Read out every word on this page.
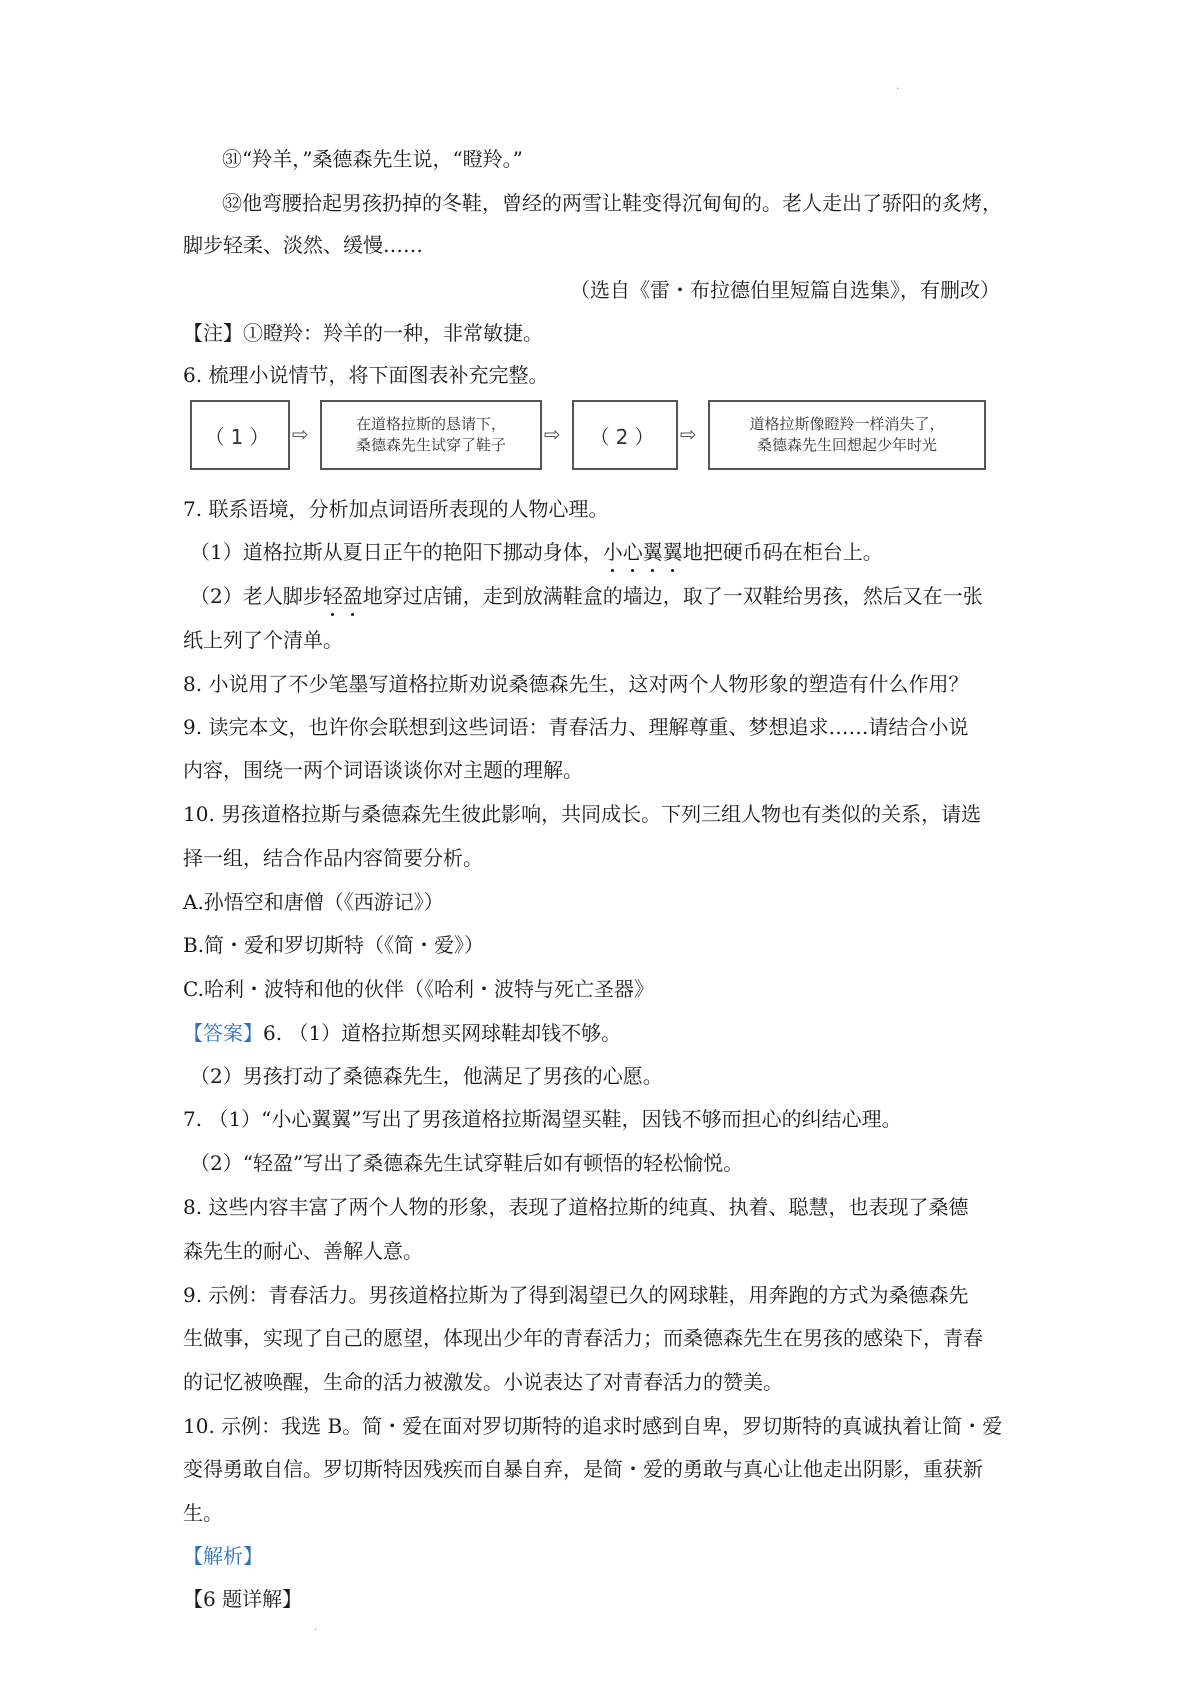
·
㉛“羚羊，”桑德森先生说，“瞪羚。”
㉜他弯腰拾起男孩扔掉的冬鞋，曾经的两雪让鞋变得沉甸甸的。老人走出了骄阳的炙烤，
脚步轻柔、淡然、缓慢……
（选自《雷・布拉德伯里短篇自选集》，有删改）
【注】①瞪羚：羚羊的一种，非常敏捷。
6. 梳理小说情节，将下面图表补充完整。
（1） ⇨	在道格拉斯的恳请下，
桑德森先生试穿了鞋子 ⇨	（2） ⇨	道格拉斯像瞪羚一样消失了，
桑德森先生回想起少年时光
7. 联系语境，分析加点词语所表现的人物心理。
（1）道格拉斯从夏日正午的艳阳下挪动身体，小心翼翼地把硬币码在柜台上。
（2）老人脚步轻盈地穿过店铺，走到放满鞋盒的墙边，取了一双鞋给男孩，然后又在一张
纸上列了个清单。
8. 小说用了不少笔墨写道格拉斯劝说桑德森先生，这对两个人物形象的塑造有什么作用？
9. 读完本文，也许你会联想到这些词语：青春活力、理解尊重、梦想追求……请结合小说
内容，围绕一两个词语谈谈你对主题的理解。
10. 男孩道格拉斯与桑德森先生彼此影响，共同成长。下列三组人物也有类似的关系，请选
择一组，结合作品内容简要分析。
A.孙悟空和唐僧（《西游记》）
B.简・爱和罗切斯特（《简・爱》）
C.哈利・波特和他的伙伴（《哈利・波特与死亡圣器》
【答案】6. （1）道格拉斯想买网球鞋却钱不够。
（2）男孩打动了桑德森先生，他满足了男孩的心愿。
7. （1）“小心翼翼”写出了男孩道格拉斯渴望买鞋，因钱不够而担心的纠结心理。
（2）“轻盈”写出了桑德森先生试穿鞋后如有顿悟的轻松愉悦。
8. 这些内容丰富了两个人物的形象，表现了道格拉斯的纯真、执着、聪慧，也表现了桑德
森先生的耐心、善解人意。
9. 示例：青春活力。男孩道格拉斯为了得到渴望已久的网球鞋，用奔跑的方式为桑德森先
生做事，实现了自己的愿望，体现出少年的青春活力；而桑德森先生在男孩的感染下，青春
的记忆被唤醒，生命的活力被激发。小说表达了对青春活力的赞美。
10. 示例：我选 B。简・爱在面对罗切斯特的追求时感到自卑，罗切斯特的真诚执着让简・爱
变得勇敢自信。罗切斯特因残疾而自暴自弃，是简・爱的勇敢与真心让他走出阴影，重获新
生。
【解析】
【6 题详解】
·
